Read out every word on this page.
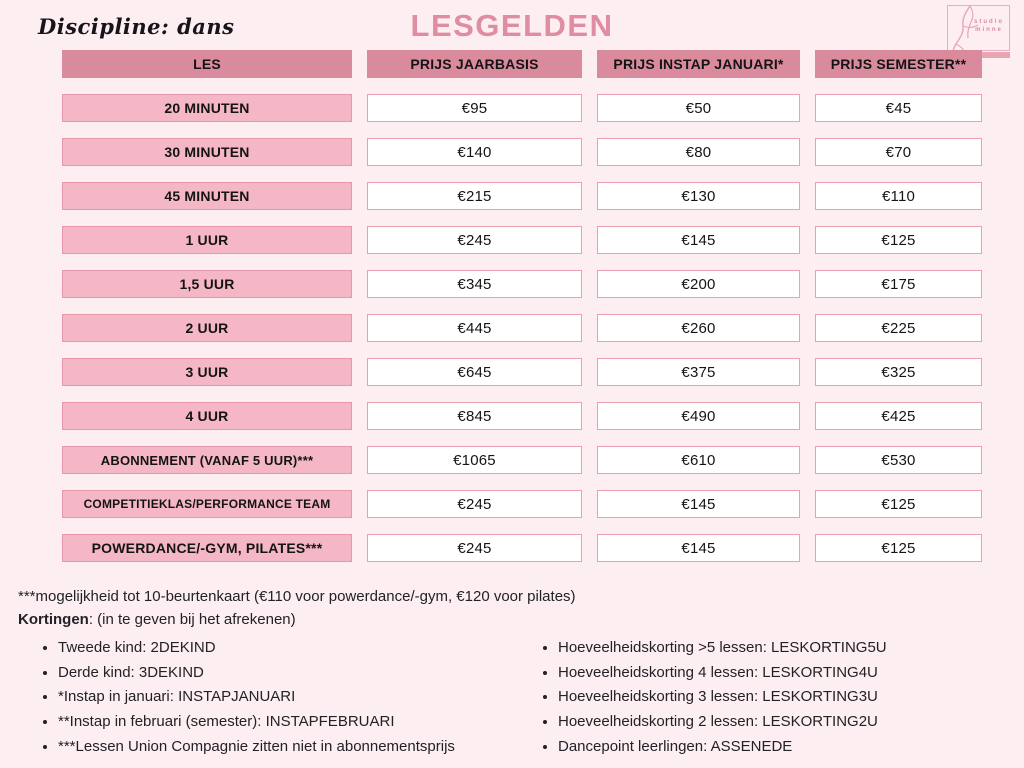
Discipline: dans	LESGELDEN	studio
minne
LES	PRIJS JAARBASIS	PRIJS INSTAP JANUARI*	PRIJS SEMESTER**
20 MINUTEN	€95	€50	€45
30 MINUTEN	€140	€80	€70
45 MINUTEN	€215	€130	€110
1 UUR	€245	€145	€125
1,5 UUR	€345	€200	€175
2 UUR	€445	€260	€225
3 UUR	€645	€375	€325
4 UUR	€845	€490	€425
ABONNEMENT (VANAF 5 UUR)***	€1065	€610	€530
COMPETITIEKLAS/PERFORMANCE TEAM	€245	€145	€125
POWERDANCE/-GYM, PILATES***	€245	€145	€125
***mogelijkheid tot 10-beurtenkaart (€110 voor powerdance/-gym, €120 voor pilates)
Kortingen: (in te geven bij het afrekenen)
• Tweede kind: 2DEKIND
• Derde kind: 3DEKIND
• *Instap in januari: INSTAPJANUARI
• **Instap in februari (semester): INSTAPFEBRUARI
• ***Lessen Union Compagnie zitten niet in abonnementsprijs
• Hoeveelheidskorting >5 lessen: LESKORTING5U
• Hoeveelheidskorting 4 lessen: LESKORTING4U
• Hoeveelheidskorting 3 lessen: LESKORTING3U
• Hoeveelheidskorting 2 lessen: LESKORTING2U
• Dancepoint leerlingen: ASSENEDE
